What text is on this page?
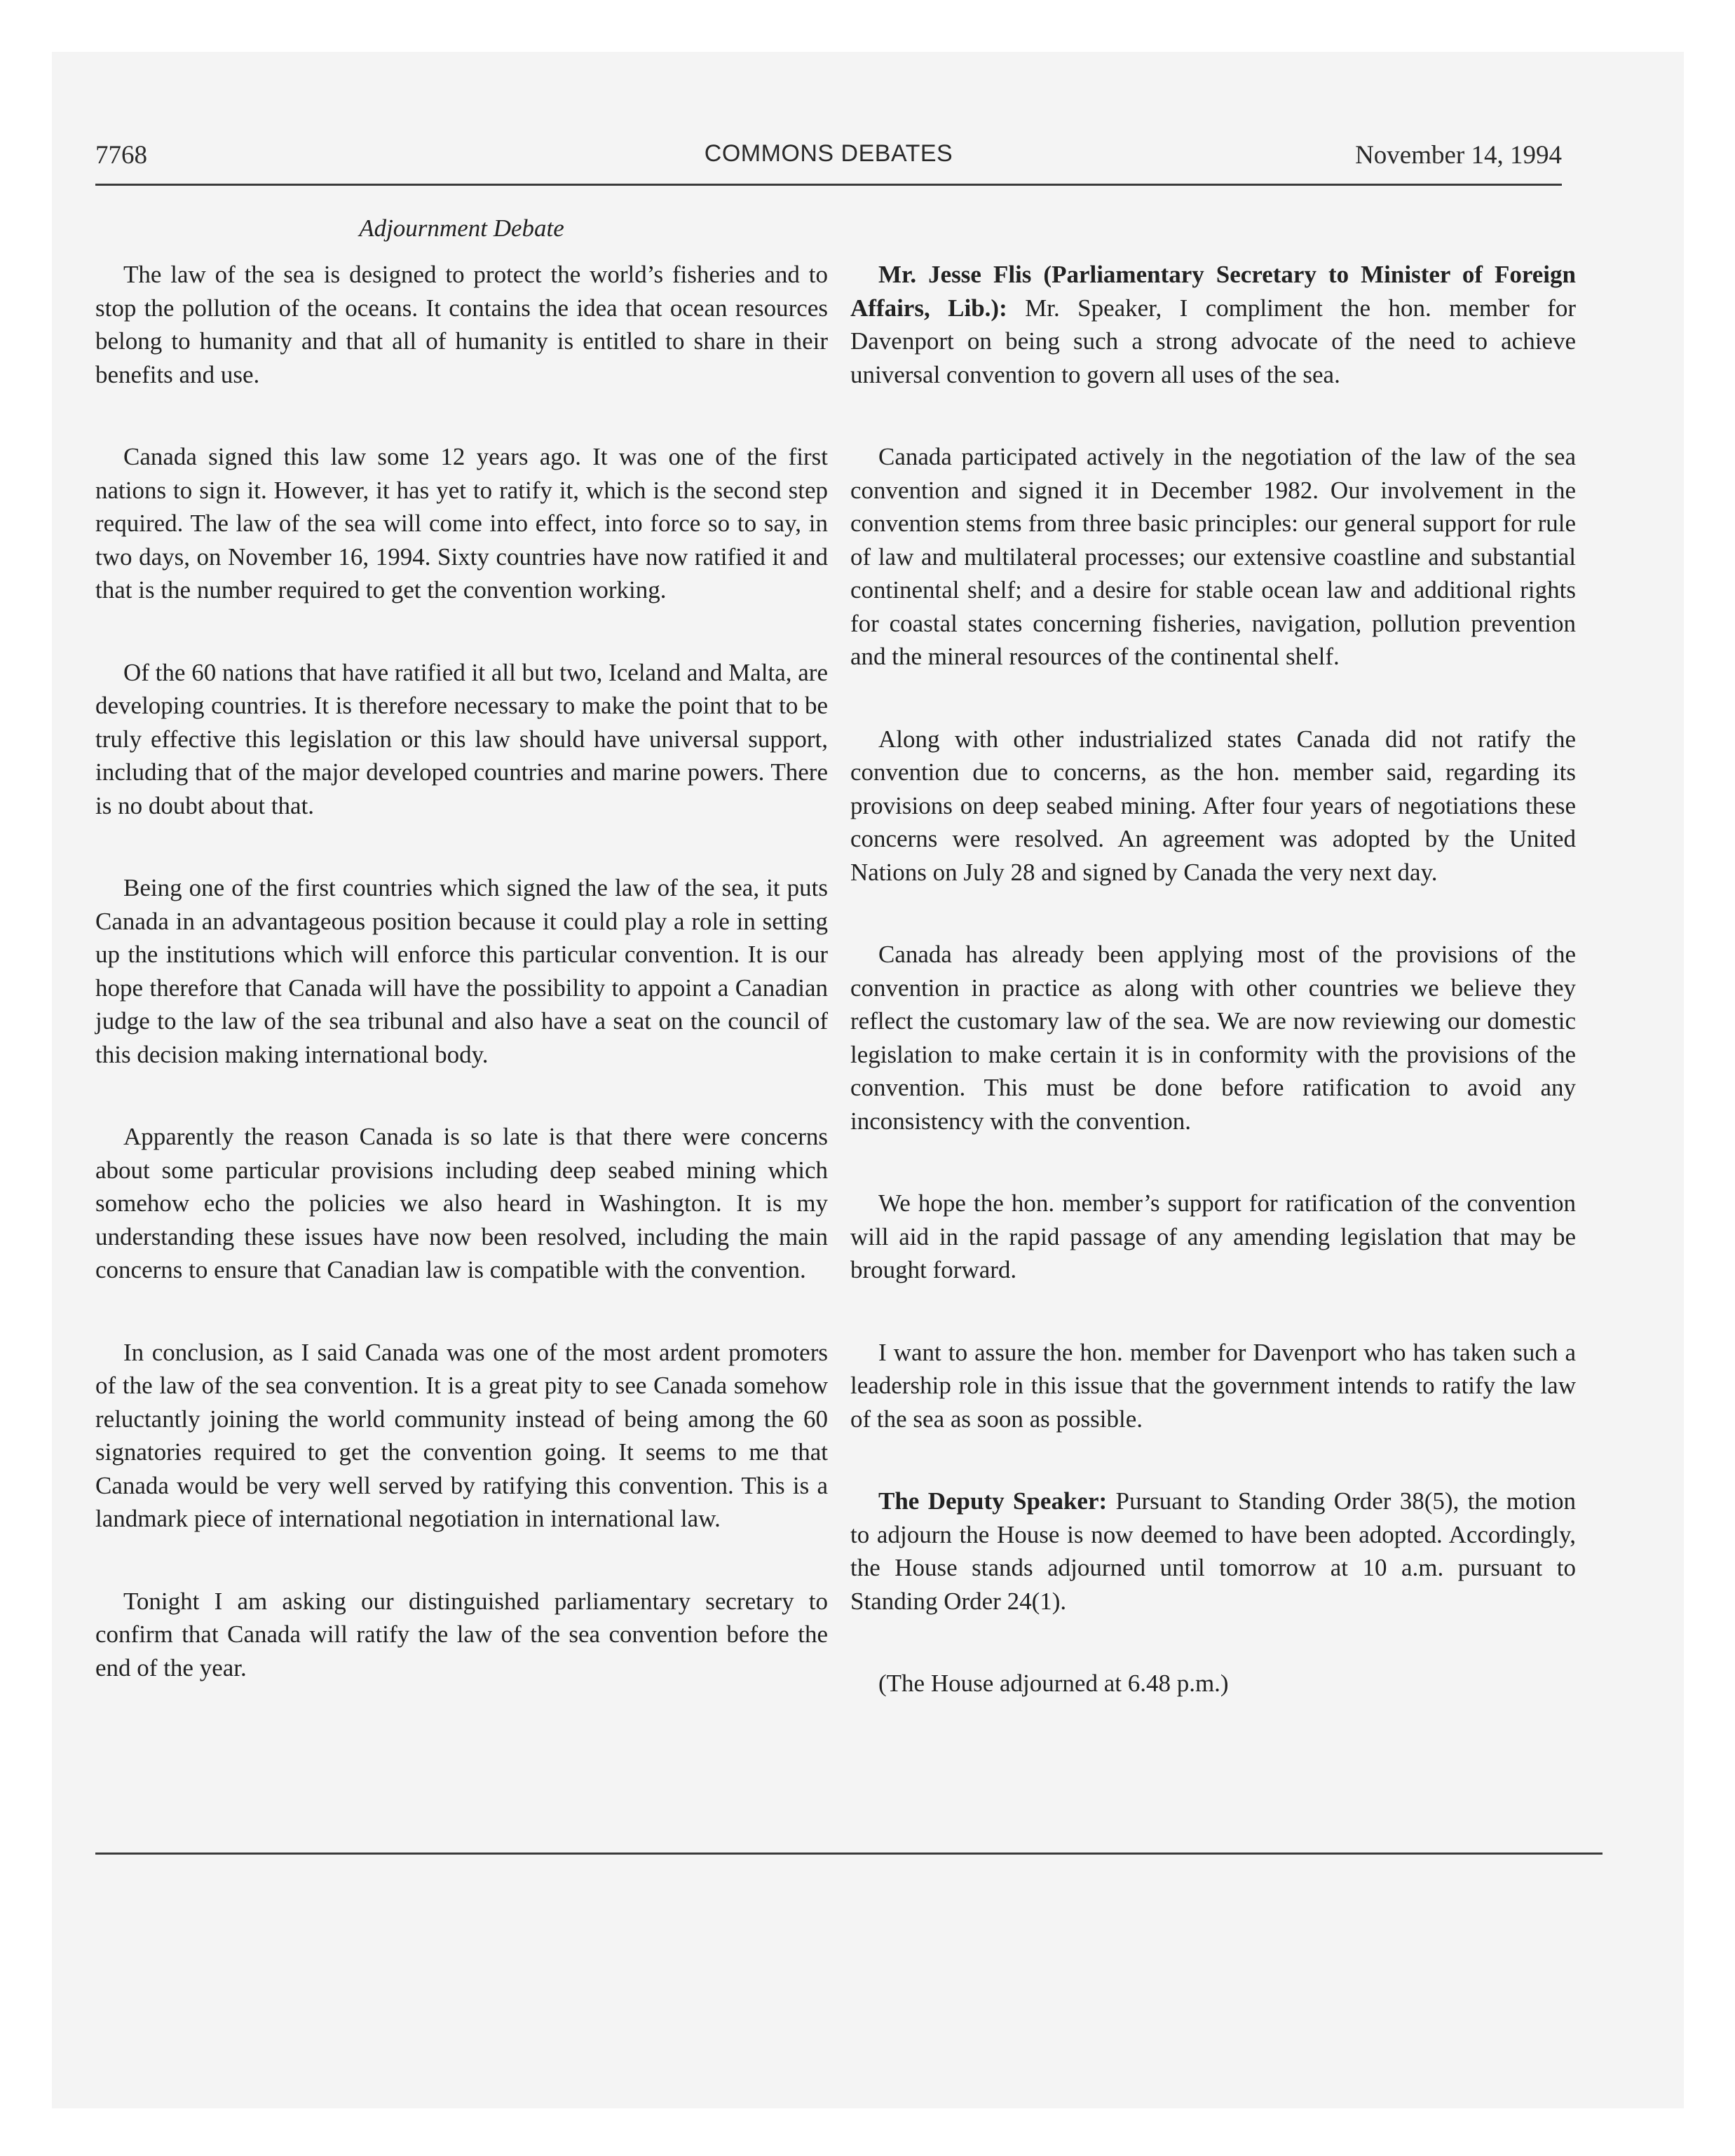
7768	COMMONS DEBATES	November 14, 1994
Adjournment Debate

The law of the sea is designed to protect the world’s fisheries and to stop the pollution of the oceans. It contains the idea that ocean resources belong to humanity and that all of humanity is entitled to share in their benefits and use.

Canada signed this law some 12 years ago. It was one of the first nations to sign it. However, it has yet to ratify it, which is the second step required. The law of the sea will come into effect, into force so to say, in two days, on November 16, 1994. Sixty countries have now ratified it and that is the number required to get the convention working.

Of the 60 nations that have ratified it all but two, Iceland and Malta, are developing countries. It is therefore necessary to make the point that to be truly effective this legislation or this law should have universal support, including that of the major developed countries and marine powers. There is no doubt about that.

Being one of the first countries which signed the law of the sea, it puts Canada in an advantageous position because it could play a role in setting up the institutions which will enforce this particular convention. It is our hope therefore that Canada will have the possibility to appoint a Canadian judge to the law of the sea tribunal and also have a seat on the council of this decision making international body.

Apparently the reason Canada is so late is that there were concerns about some particular provisions including deep seabed mining which somehow echo the policies we also heard in Washington. It is my understanding these issues have now been resolved, including the main concerns to ensure that Canadian law is compatible with the convention.

In conclusion, as I said Canada was one of the most ardent promoters of the law of the sea convention. It is a great pity to see Canada somehow reluctantly joining the world community instead of being among the 60 signatories required to get the convention going. It seems to me that Canada would be very well served by ratifying this convention. This is a landmark piece of international negotiation in international law.

Tonight I am asking our distinguished parliamentary secretary to confirm that Canada will ratify the law of the sea convention before the end of the year.

Mr. Jesse Flis (Parliamentary Secretary to Minister of Foreign Affairs, Lib.): Mr. Speaker, I compliment the hon. member for Davenport on being such a strong advocate of the need to achieve universal convention to govern all uses of the sea.

Canada participated actively in the negotiation of the law of the sea convention and signed it in December 1982. Our involvement in the convention stems from three basic principles: our general support for rule of law and multilateral processes; our extensive coastline and substantial continental shelf; and a desire for stable ocean law and additional rights for coastal states concerning fisheries, navigation, pollution prevention and the mineral resources of the continental shelf.

Along with other industrialized states Canada did not ratify the convention due to concerns, as the hon. member said, regarding its provisions on deep seabed mining. After four years of negotiations these concerns were resolved. An agreement was adopted by the United Nations on July 28 and signed by Canada the very next day.

Canada has already been applying most of the provisions of the convention in practice as along with other countries we believe they reflect the customary law of the sea. We are now reviewing our domestic legislation to make certain it is in conformity with the provisions of the convention. This must be done before ratification to avoid any inconsistency with the convention.

We hope the hon. member’s support for ratification of the convention will aid in the rapid passage of any amending legislation that may be brought forward.

I want to assure the hon. member for Davenport who has taken such a leadership role in this issue that the government intends to ratify the law of the sea as soon as possible.

The Deputy Speaker: Pursuant to Standing Order 38(5), the motion to adjourn the House is now deemed to have been adopted. Accordingly, the House stands adjourned until tomorrow at 10 a.m. pursuant to Standing Order 24(1).

(The House adjourned at 6.48 p.m.)
